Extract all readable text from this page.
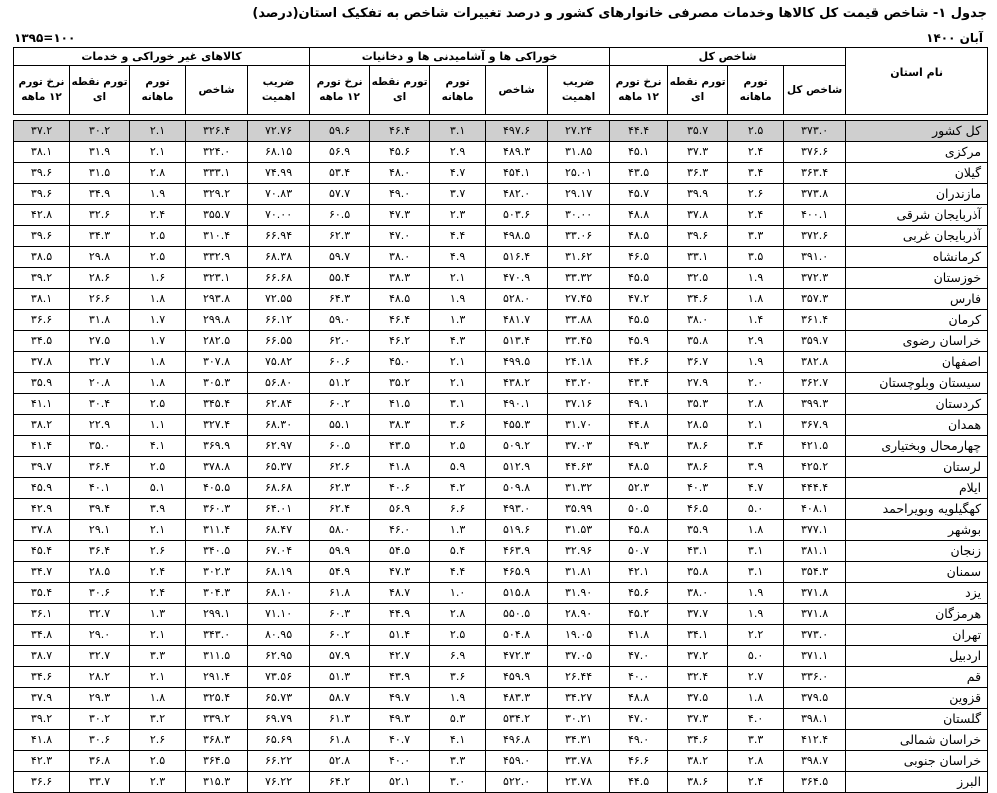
جدول ۱- شاخص قیمت کل کالاها وخدمات مصرفی خانوارهای کشور و درصد تغییرات شاخص به تفکیک استان(درصد)
۱۳۹۵=۱۰۰	آبان ۱۴۰۰
نام استان	شاخص کل				خوراکی ها و آشامیدنی ها و دخانیات					کالاهای غیر خوراکی و خدمات				
	شاخص کل	تورم ماهانه	تورم نقطه ای	نرخ تورم ۱۲ ماهه	ضریب اهمیت	شاخص	تورم ماهانه	تورم نقطه ای	نرخ تورم ۱۲ ماهه	ضریب اهمیت	شاخص	تورم ماهانه	تورم نقطه ای	نرخ تورم ۱۲ ماهه

کل کشور	۳۷۳.۰	۲.۵	۳۵.۷	۴۴.۴	۲۷.۲۴	۴۹۷.۶	۳.۱	۴۶.۴	۵۹.۶	۷۲.۷۶	۳۲۶.۴	۲.۱	۳۰.۲	۳۷.۲
مرکزی	۳۷۶.۶	۲.۴	۳۷.۳	۴۵.۱	۳۱.۸۵	۴۸۹.۳	۲.۹	۴۵.۶	۵۶.۹	۶۸.۱۵	۳۲۴.۰	۲.۱	۳۱.۹	۳۸.۱
گیلان	۳۶۳.۴	۳.۴	۳۶.۳	۴۳.۵	۲۵.۰۱	۴۵۴.۱	۴.۷	۴۸.۰	۵۳.۴	۷۴.۹۹	۳۳۳.۱	۲.۸	۳۱.۵	۳۹.۶
مازندران	۳۷۳.۸	۲.۶	۳۹.۹	۴۵.۷	۲۹.۱۷	۴۸۲.۰	۳.۷	۴۹.۰	۵۷.۷	۷۰.۸۳	۳۲۹.۲	۱.۹	۳۴.۹	۳۹.۶
آذربایجان شرقی	۴۰۰.۱	۲.۴	۳۷.۸	۴۸.۸	۳۰.۰۰	۵۰۳.۶	۲.۳	۴۷.۳	۶۰.۵	۷۰.۰۰	۳۵۵.۷	۲.۴	۳۲.۶	۴۲.۸
آذربایجان غربی	۳۷۲.۶	۳.۳	۳۹.۶	۴۸.۵	۳۳.۰۶	۴۹۸.۵	۴.۴	۴۷.۰	۶۲.۳	۶۶.۹۴	۳۱۰.۴	۲.۵	۳۴.۳	۳۹.۶
کرمانشاه	۳۹۱.۰	۳.۵	۳۳.۱	۴۶.۵	۳۱.۶۲	۵۱۶.۴	۴.۹	۳۸.۰	۵۹.۷	۶۸.۳۸	۳۳۲.۹	۲.۵	۲۹.۸	۳۸.۵
خوزستان	۳۷۲.۳	۱.۹	۳۲.۵	۴۵.۵	۳۳.۳۲	۴۷۰.۹	۲.۱	۳۸.۳	۵۵.۴	۶۶.۶۸	۳۲۳.۱	۱.۶	۲۸.۶	۳۹.۲
فارس	۳۵۷.۳	۱.۸	۳۴.۶	۴۷.۲	۲۷.۴۵	۵۲۸.۰	۱.۹	۴۸.۵	۶۴.۳	۷۲.۵۵	۲۹۳.۸	۱.۸	۲۶.۶	۳۸.۱
کرمان	۳۶۱.۴	۱.۴	۳۸.۰	۴۵.۵	۳۳.۸۸	۴۸۱.۷	۱.۳	۴۶.۴	۵۹.۰	۶۶.۱۲	۲۹۹.۸	۱.۷	۳۱.۸	۳۶.۶
خراسان رضوی	۳۵۹.۷	۲.۹	۳۵.۸	۴۵.۹	۳۳.۴۵	۵۱۳.۴	۴.۳	۴۶.۲	۶۲.۰	۶۶.۵۵	۲۸۲.۵	۱.۷	۲۷.۵	۳۴.۵
اصفهان	۳۸۲.۸	۱.۹	۳۶.۷	۴۴.۶	۲۴.۱۸	۴۹۹.۵	۲.۱	۴۵.۰	۶۰.۶	۷۵.۸۲	۳۰۷.۸	۱.۸	۳۲.۷	۳۷.۸
سیستان وبلوچستان	۳۶۲.۷	۲.۰	۲۷.۹	۴۳.۴	۴۳.۲۰	۴۳۸.۲	۲.۱	۳۵.۲	۵۱.۲	۵۶.۸۰	۳۰۵.۳	۱.۸	۲۰.۸	۳۵.۹
کردستان	۳۹۹.۳	۲.۸	۳۵.۳	۴۹.۱	۳۷.۱۶	۴۹۰.۱	۳.۱	۴۱.۵	۶۰.۲	۶۲.۸۴	۳۴۵.۴	۲.۵	۳۰.۴	۴۱.۱
همدان	۳۶۷.۹	۲.۱	۲۸.۵	۴۴.۸	۳۱.۷۰	۴۵۵.۳	۳.۶	۳۸.۳	۵۵.۱	۶۸.۳۰	۳۲۷.۴	۱.۱	۲۲.۹	۳۸.۲
چهارمحال وبختیاری	۴۲۱.۵	۳.۴	۳۸.۶	۴۹.۳	۳۷.۰۳	۵۰۹.۲	۲.۵	۴۳.۵	۶۰.۵	۶۲.۹۷	۳۶۹.۹	۴.۱	۳۵.۰	۴۱.۴
لرستان	۴۲۵.۲	۳.۹	۳۸.۶	۴۸.۵	۴۴.۶۳	۵۱۲.۹	۵.۹	۴۱.۸	۶۲.۶	۶۵.۳۷	۳۷۸.۸	۲.۵	۳۶.۴	۳۹.۷
ایلام	۴۴۴.۴	۴.۷	۴۰.۳	۵۲.۳	۳۱.۳۲	۵۰۹.۸	۴.۲	۴۰.۶	۶۲.۳	۶۸.۶۸	۴۰۵.۵	۵.۱	۴۰.۱	۴۵.۹
کهگیلویه وبویراحمد	۴۰۸.۱	۵.۰	۴۶.۵	۵۰.۵	۳۵.۹۹	۴۹۳.۰	۶.۶	۵۶.۹	۶۲.۴	۶۴.۰۱	۳۶۰.۳	۳.۹	۳۹.۴	۴۲.۹
بوشهر	۳۷۷.۱	۱.۸	۳۵.۹	۴۵.۸	۳۱.۵۳	۵۱۹.۶	۱.۳	۴۶.۰	۵۸.۰	۶۸.۴۷	۳۱۱.۴	۲.۱	۲۹.۱	۳۷.۸
زنجان	۳۸۱.۱	۳.۱	۴۳.۱	۵۰.۷	۳۲.۹۶	۴۶۳.۹	۵.۴	۵۴.۵	۵۹.۹	۶۷.۰۴	۳۴۰.۵	۲.۶	۳۶.۴	۴۵.۴
سمنان	۳۵۴.۳	۳.۱	۳۵.۸	۴۲.۱	۳۱.۸۱	۴۶۵.۹	۴.۴	۴۷.۳	۵۴.۹	۶۸.۱۹	۳۰۲.۳	۲.۴	۲۸.۵	۳۴.۷
یزد	۳۷۱.۸	۱.۹	۳۸.۰	۴۵.۶	۳۱.۹۰	۵۱۵.۸	۱.۰	۴۸.۷	۶۱.۸	۶۸.۱۰	۳۰۴.۳	۲.۴	۳۰.۶	۳۵.۴
هرمزگان	۳۷۱.۸	۱.۹	۳۷.۷	۴۵.۲	۲۸.۹۰	۵۵۰.۵	۲.۸	۴۴.۹	۶۰.۳	۷۱.۱۰	۲۹۹.۱	۱.۳	۳۲.۷	۳۶.۱
تهران	۳۷۳.۰	۲.۲	۳۴.۱	۴۱.۸	۱۹.۰۵	۵۰۴.۸	۲.۵	۵۱.۴	۶۰.۲	۸۰.۹۵	۳۴۳.۰	۲.۱	۲۹.۰	۳۴.۸
اردبیل	۳۷۱.۱	۵.۰	۳۷.۲	۴۷.۰	۳۷.۰۵	۴۷۲.۳	۶.۹	۴۲.۷	۵۷.۹	۶۲.۹۵	۳۱۱.۵	۳.۳	۳۲.۷	۳۸.۷
قم	۳۳۶.۰	۲.۷	۳۲.۴	۴۰.۰	۲۶.۴۴	۴۵۹.۹	۳.۶	۴۳.۹	۵۱.۳	۷۳.۵۶	۲۹۱.۴	۲.۱	۲۸.۲	۳۴.۶
قزوین	۳۷۹.۵	۱.۸	۳۷.۵	۴۸.۸	۳۴.۲۷	۴۸۳.۳	۱.۹	۴۹.۷	۵۸.۷	۶۵.۷۳	۳۲۵.۴	۱.۸	۲۹.۳	۳۷.۹
گلستان	۳۹۸.۱	۴.۰	۳۷.۳	۴۷.۰	۳۰.۲۱	۵۳۴.۲	۵.۳	۴۹.۳	۶۱.۳	۶۹.۷۹	۳۳۹.۲	۳.۲	۳۰.۲	۳۹.۲
خراسان شمالی	۴۱۲.۴	۳.۳	۳۴.۶	۴۹.۰	۳۴.۳۱	۴۹۶.۸	۴.۱	۴۰.۷	۶۱.۸	۶۵.۶۹	۳۶۸.۳	۲.۶	۳۰.۶	۴۱.۸
خراسان جنوبی	۳۹۸.۷	۲.۸	۳۸.۲	۴۶.۶	۳۳.۷۸	۴۵۹.۰	۳.۳	۴۰.۰	۵۲.۸	۶۶.۲۲	۳۶۴.۵	۲.۵	۳۶.۸	۴۲.۳
البرز	۳۶۴.۵	۲.۴	۳۸.۶	۴۴.۵	۲۳.۷۸	۵۲۲.۰	۳.۰	۵۲.۱	۶۴.۲	۷۶.۲۲	۳۱۵.۳	۲.۳	۳۳.۷	۳۶.۶
